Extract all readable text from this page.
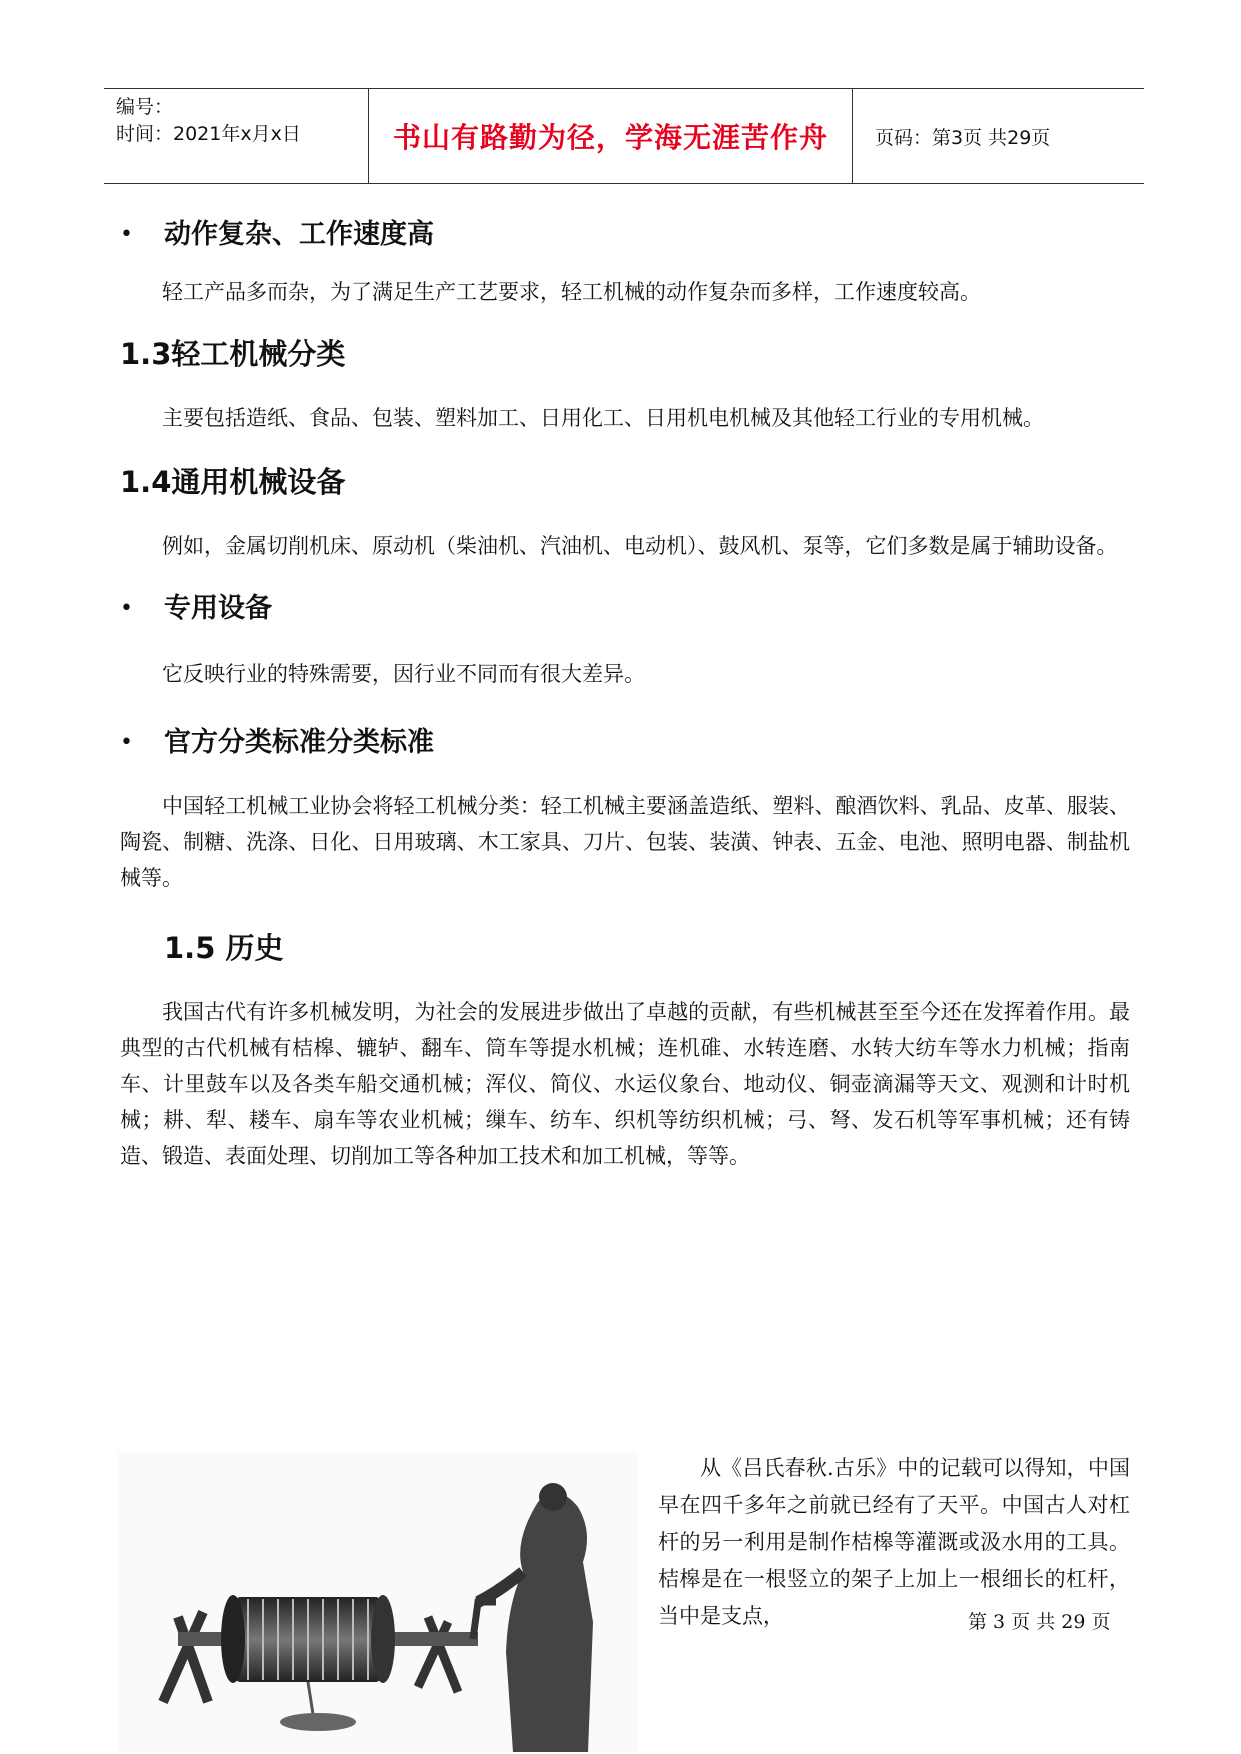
编号：
时间：2021年x月x日	书山有路勤为径，学海无涯苦作舟	页码：第3页 共29页
• 动作复杂、工作速度高

轻工产品多而杂，为了满足生产工艺要求，轻工机械的动作复杂而多样，工作速度较高。

1.3轻工机械分类

主要包括造纸、食品、包装、塑料加工、日用化工、日用机电机械及其他轻工行业的专用机械。

1.4通用机械设备

例如，金属切削机床、原动机（柴油机、汽油机、电动机）、鼓风机、泵等，它们多数是属于辅助设备。

• 专用设备

它反映行业的特殊需要，因行业不同而有很大差异。

• 官方分类标准分类标准

中国轻工机械工业协会将轻工机械分类：轻工机械主要涵盖造纸、塑料、酿酒饮料、乳品、皮革、服装、陶瓷、制糖、洗涤、日化、日用玻璃、木工家具、刀片、包装、装潢、钟表、五金、电池、照明电器、制盐机械等。

1.5 历史

我国古代有许多机械发明，为社会的发展进步做出了卓越的贡献，有些机械甚至至今还在发挥着作用。最典型的古代机械有桔槔、辘轳、翻车、筒车等提水机械；连机碓、水转连磨、水转大纺车等水力机械；指南车、计里鼓车以及各类车船交通机械；浑仪、简仪、水运仪象台、地动仪、铜壶滴漏等天文、观测和计时机械；耕、犁、耧车、扇车等农业机械；缫车、纺车、织机等纺织机械；弓、弩、发石机等军事机械；还有铸造、锻造、表面处理、切削加工等各种加工技术和加工机械，等等。

从《吕氏春秋.古乐》中的记载可以得知，中国早在四千多年之前就已经有了天平。中国古人对杠杆的另一利用是制作桔槔等灌溉或汲水用的工具。桔槔是在一根竖立的架子上加上一根细长的杠杆，当中是支点，	第 3 页 共 29 页
